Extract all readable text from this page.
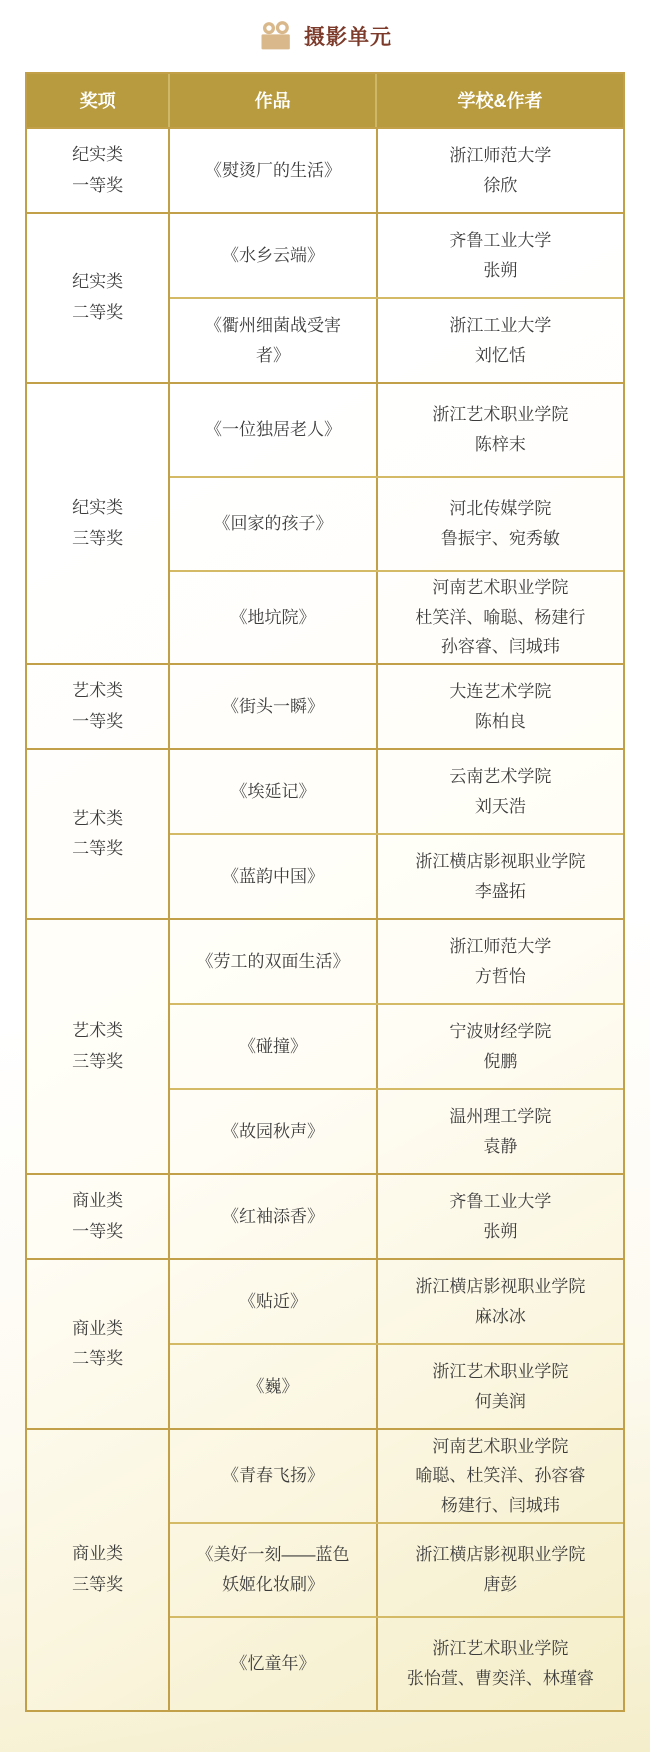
摄影单元
奖项	作品	学校&作者
纪实类
一等奖
《熨烫厂的生活》
浙江师范大学
徐欣
纪实类
二等奖
《水乡云端》
齐鲁工业大学
张朔
《衢州细菌战受害
者》
浙江工业大学
刘忆恬
纪实类
三等奖
《一位独居老人》
浙江艺术职业学院
陈梓末
《回家的孩子》
河北传媒学院
鲁振宇、宛秀敏
《地坑院》
河南艺术职业学院
杜笑洋、喻聪、杨建行
孙容睿、闫城玮
艺术类
一等奖
《街头一瞬》
大连艺术学院
陈柏良
艺术类
二等奖
《埃延记》
云南艺术学院
刘天浩
《蓝韵中国》
浙江横店影视职业学院
李盛拓
艺术类
三等奖
《劳工的双面生活》
浙江师范大学
方哲怡
《碰撞》
宁波财经学院
倪鹏
《故园秋声》
温州理工学院
袁静
商业类
一等奖
《红袖添香》
齐鲁工业大学
张朔
商业类
二等奖
《贴近》
浙江横店影视职业学院
麻冰冰
《巍》
浙江艺术职业学院
何美润
商业类
三等奖
《青春飞扬》
河南艺术职业学院
喻聪、杜笑洋、孙容睿
杨建行、闫城玮
《美好一刻——蓝色
妖姬化妆刷》
浙江横店影视职业学院
唐彭
《忆童年》
浙江艺术职业学院
张怡萱、曹奕洋、林瑾睿
